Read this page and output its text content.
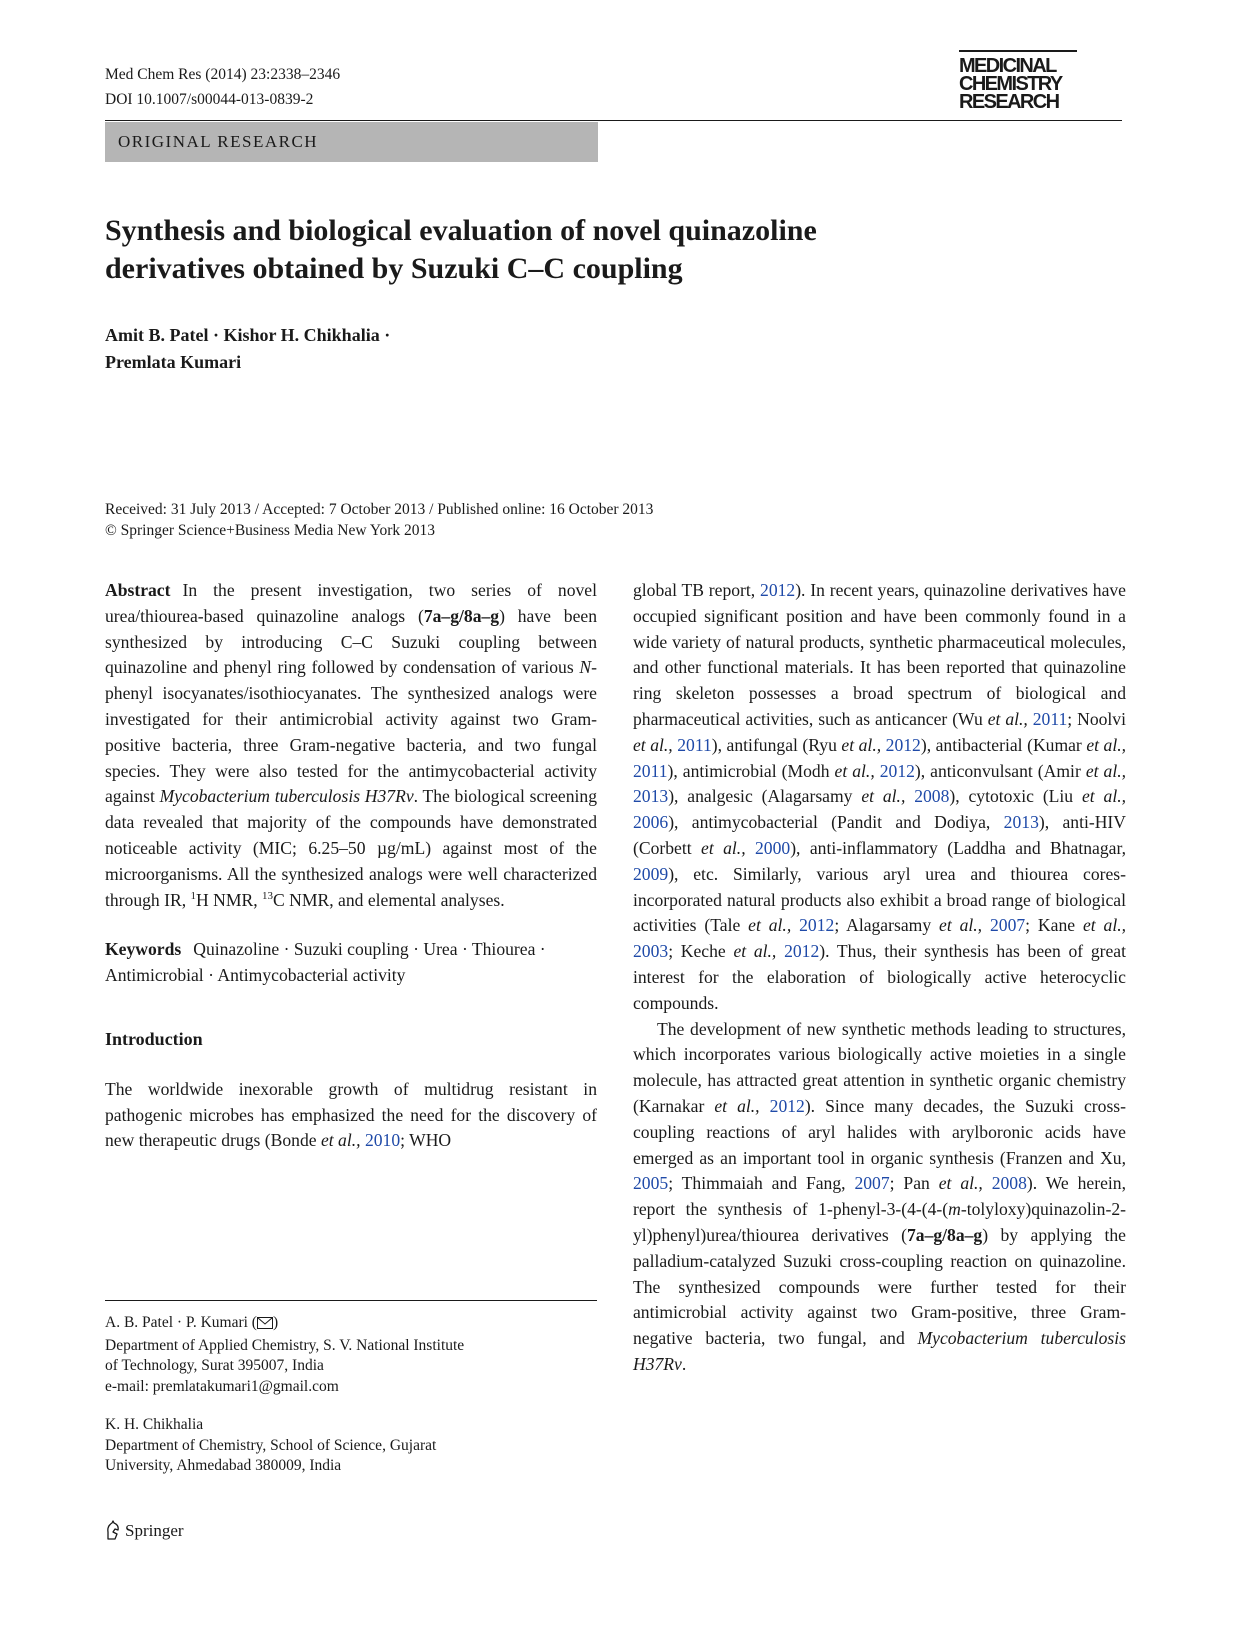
Med Chem Res (2014) 23:2338–2346
DOI 10.1007/s00044-013-0839-2
MEDICINAL
CHEMISTRY
RESEARCH
ORIGINAL RESEARCH
Synthesis and biological evaluation of novel quinazoline
derivatives obtained by Suzuki C–C coupling
Amit B. Patel · Kishor H. Chikhalia ·
Premlata Kumari
Received: 31 July 2013 / Accepted: 7 October 2013 / Published online: 16 October 2013
© Springer Science+Business Media New York 2013

Abstract In the present investigation, two series of novel urea/thiourea-based quinazoline analogs (7a–g/8a–g) have been synthesized by introducing C–C Suzuki coupling between quinazoline and phenyl ring followed by condensation of various N-phenyl isocyanates/isothiocyanates. The synthesized analogs were investigated for their antimicrobial activity against two Gram-positive bacteria, three Gram-negative bacteria, and two fungal species. They were also tested for the antimycobacterial activity against Mycobacterium tuberculosis H37Rv. The biological screening data revealed that majority of the compounds have demonstrated noticeable activity (MIC; 6.25–50 µg/mL) against most of the microorganisms. All the synthesized analogs were well characterized through IR, $^1$H NMR, $^{13}$C NMR, and elemental analyses.

Keywords Quinazoline · Suzuki coupling · Urea · Thiourea · Antimicrobial · Antimycobacterial activity

Introduction

The worldwide inexorable growth of multidrug resistant in pathogenic microbes has emphasized the need for the discovery of new therapeutic drugs (Bonde et al., 2010; WHO

A. B. Patel · P. Kumari ( )
Department of Applied Chemistry, S. V. National Institute
of Technology, Surat 395007, India
e-mail: premlatakumari1@gmail.com
K. H. Chikhalia
Department of Chemistry, School of Science, Gujarat
University, Ahmedabad 380009, India

global TB report, 2012). In recent years, quinazoline derivatives have occupied significant position and have been commonly found in a wide variety of natural products, synthetic pharmaceutical molecules, and other functional materials. It has been reported that quinazoline ring skeleton possesses a broad spectrum of biological and pharmaceutical activities, such as anticancer (Wu et al., 2011; Noolvi et al., 2011), antifungal (Ryu et al., 2012), antibacterial (Kumar et al., 2011), antimicrobial (Modh et al., 2012), anticonvulsant (Amir et al., 2013), analgesic (Alagarsamy et al., 2008), cytotoxic (Liu et al., 2006), antimycobacterial (Pandit and Dodiya, 2013), anti-HIV (Corbett et al., 2000), anti-inflammatory (Laddha and Bhatnagar, 2009), etc. Similarly, various aryl urea and thiourea cores-incorporated natural products also exhibit a broad range of biological activities (Tale et al., 2012; Alagarsamy et al., 2007; Kane et al., 2003; Keche et al., 2012). Thus, their synthesis has been of great interest for the elaboration of biologically active heterocyclic compounds.

The development of new synthetic methods leading to structures, which incorporates various biologically active moieties in a single molecule, has attracted great attention in synthetic organic chemistry (Karnakar et al., 2012). Since many decades, the Suzuki cross-coupling reactions of aryl halides with arylboronic acids have emerged as an important tool in organic synthesis (Franzen and Xu, 2005; Thimmaiah and Fang, 2007; Pan et al., 2008). We herein, report the synthesis of 1-phenyl-3-(4-(4-(m-tolyloxy)quinazolin-2-yl)phenyl)urea/thiourea derivatives (7a–g/8a–g) by applying the palladium-catalyzed Suzuki cross-coupling reaction on quinazoline. The synthesized compounds were further tested for their antimicrobial activity against two Gram-positive, three Gram-negative bacteria, two fungal, and Mycobacterium tuberculosis H37Rv.

Springer
